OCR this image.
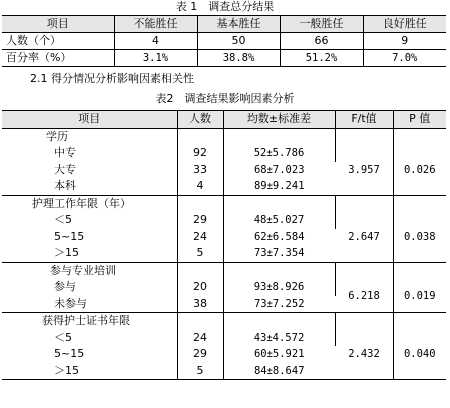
表 1　调查总分结果
项目	不能胜任	基本胜任	一般胜任	良好胜任
人数（个）	4	50	66	9
百分率（%）	3.1%	38.8%	51.2%	7.0%
2.1 得分情况分析影响因素相关性
表2　调查结果影响因素分析
项目	人数	均数±标准差	F/t值	P 值
学历				
中专	92	52±5.786	3.957	0.026
大专	33	68±7.023		
本科	4	89±9.241		
护理工作年限（年）				
＜5	29	48±5.027	2.647	0.038
5~15	24	62±6.584		
＞15	5	73±7.354		
参与专业培训				
参与	20	93±8.926	6.218	0.019
未参与	38	73±7.252		
获得护士证书年限				
＜5	24	43±4.572	2.432	0.040
5~15	29	60±5.921		
＞15	5	84±8.647		
